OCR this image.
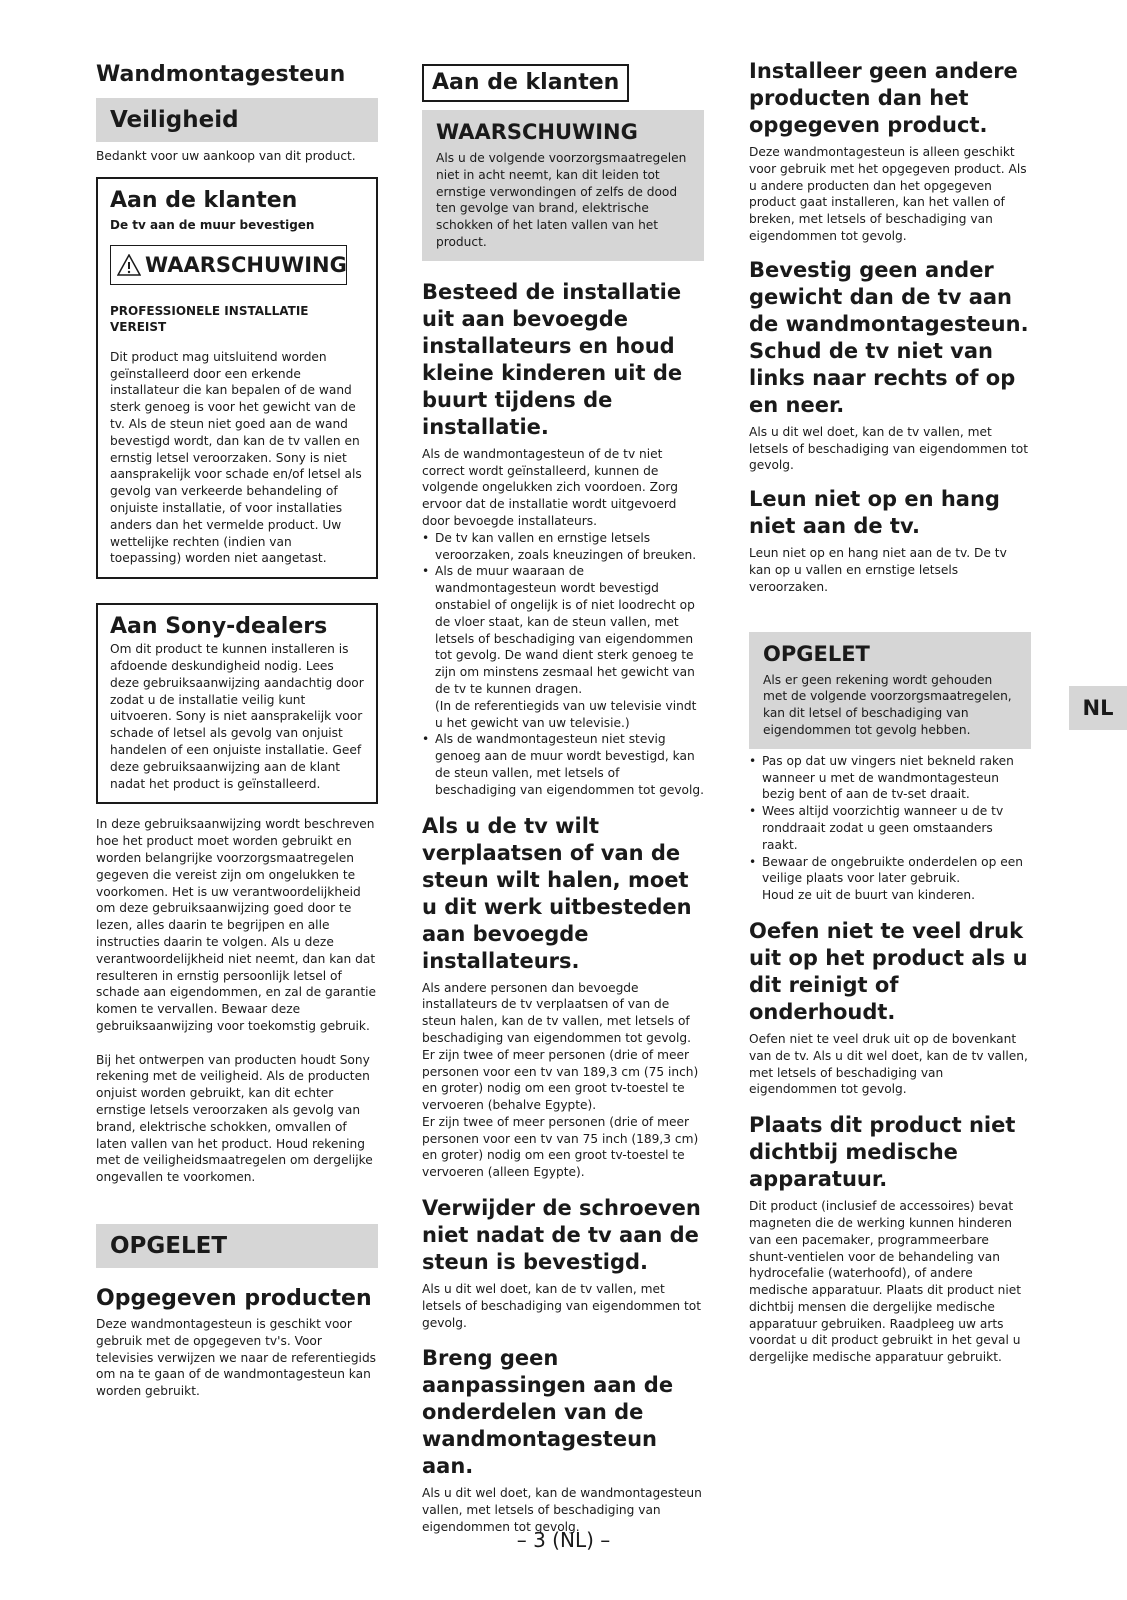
Wandmontagesteun
Veiligheid

Bedankt voor uw aankoop van dit product.

Aan de klanten
De tv aan de muur bevestigen
WAARSCHUWING
PROFESSIONELE INSTALLATIE VEREIST

Dit product mag uitsluitend worden geïnstalleerd door een erkende installateur die kan bepalen of de wand sterk genoeg is voor het gewicht van de tv. Als de steun niet goed aan de wand bevestigd wordt, dan kan de tv vallen en ernstig letsel veroorzaken. Sony is niet aansprakelijk voor schade en/of letsel als gevolg van verkeerde behandeling of onjuiste installatie, of voor installaties anders dan het vermelde product. Uw wettelijke rechten (indien van toepassing) worden niet aangetast.

Aan Sony-dealers

Om dit product te kunnen installeren is afdoende deskundigheid nodig. Lees deze gebruiksaanwijzing aandachtig door zodat u de installatie veilig kunt uitvoeren. Sony is niet aansprakelijk voor schade of letsel als gevolg van onjuist handelen of een onjuiste installatie. Geef deze gebruiksaanwijzing aan de klant nadat het product is geïnstalleerd.

In deze gebruiksaanwijzing wordt beschreven hoe het product moet worden gebruikt en worden belangrijke voorzorgsmaatregelen gegeven die vereist zijn om ongelukken te voorkomen. Het is uw verantwoordelijkheid om deze gebruiksaanwijzing goed door te lezen, alles daarin te begrijpen en alle instructies daarin te volgen. Als u deze verantwoordelijkheid niet neemt, dan kan dat resulteren in ernstig persoonlijk letsel of schade aan eigendommen, en zal de garantie komen te vervallen. Bewaar deze gebruiksaanwijzing voor toekomstig gebruik.

Bij het ontwerpen van producten houdt Sony rekening met de veiligheid. Als de producten onjuist worden gebruikt, kan dit echter ernstige letsels veroorzaken als gevolg van brand, elektrische schokken, omvallen of laten vallen van het product. Houd rekening met de veiligheidsmaatregelen om dergelijke ongevallen te voorkomen.

OPGELET
Opgegeven producten

Deze wandmontagesteun is geschikt voor gebruik met de opgegeven tv's. Voor televisies verwijzen we naar de referentiegids om na te gaan of de wandmontagesteun kan worden gebruikt.

Aan de klanten
WAARSCHUWING

Als u de volgende voorzorgsmaatregelen niet in acht neemt, kan dit leiden tot ernstige verwondingen of zelfs de dood ten gevolge van brand, elektrische schokken of het laten vallen van het product.

Besteed de installatie uit aan bevoegde installateurs en houd kleine kinderen uit de buurt tijdens de installatie.

Als de wandmontagesteun of de tv niet correct wordt geïnstalleerd, kunnen de volgende ongelukken zich voordoen. Zorg ervoor dat de installatie wordt uitgevoerd door bevoegde installateurs.

• De tv kan vallen en ernstige letsels veroorzaken, zoals kneuzingen of breuken.
• Als de muur waaraan de wandmontagesteun wordt bevestigd onstabiel of ongelijk is of niet loodrecht op de vloer staat, kan de steun vallen, met letsels of beschadiging van eigendommen tot gevolg. De wand dient sterk genoeg te zijn om minstens zesmaal het gewicht van de tv te kunnen dragen.
(In de referentiegids van uw televisie vindt u het gewicht van uw televisie.)
• Als de wandmontagesteun niet stevig genoeg aan de muur wordt bevestigd, kan de steun vallen, met letsels of beschadiging van eigendommen tot gevolg.
Als u de tv wilt verplaatsen of van de steun wilt halen, moet u dit werk uitbesteden aan bevoegde installateurs.

Als andere personen dan bevoegde installateurs de tv verplaatsen of van de steun halen, kan de tv vallen, met letsels of beschadiging van eigendommen tot gevolg.

Er zijn twee of meer personen (drie of meer personen voor een tv van 189,3 cm (75 inch) en groter) nodig om een groot tv-toestel te vervoeren (behalve Egypte).

Er zijn twee of meer personen (drie of meer personen voor een tv van 75 inch (189,3 cm) en groter) nodig om een groot tv-toestel te vervoeren (alleen Egypte).

Verwijder de schroeven niet nadat de tv aan de steun is bevestigd.

Als u dit wel doet, kan de tv vallen, met letsels of beschadiging van eigendommen tot gevolg.

Breng geen aanpassingen aan de onderdelen van de wandmontagesteun aan.

Als u dit wel doet, kan de wandmontagesteun vallen, met letsels of beschadiging van eigendommen tot gevolg.

Installeer geen andere producten dan het opgegeven product.

Deze wandmontagesteun is alleen geschikt voor gebruik met het opgegeven product. Als u andere producten dan het opgegeven product gaat installeren, kan het vallen of breken, met letsels of beschadiging van eigendommen tot gevolg.

Bevestig geen ander gewicht dan de tv aan de wandmontagesteun. Schud de tv niet van links naar rechts of op en neer.

Als u dit wel doet, kan de tv vallen, met letsels of beschadiging van eigendommen tot gevolg.

Leun niet op en hang niet aan de tv.

Leun niet op en hang niet aan de tv. De tv kan op u vallen en ernstige letsels veroorzaken.

OPGELET

Als er geen rekening wordt gehouden met de volgende voorzorgsmaatregelen, kan dit letsel of beschadiging van eigendommen tot gevolg hebben.

• Pas op dat uw vingers niet bekneld raken wanneer u met de wandmontagesteun bezig bent of aan de tv-set draait.
• Wees altijd voorzichtig wanneer u de tv ronddraait zodat u geen omstaanders raakt.
• Bewaar de ongebruikte onderdelen op een veilige plaats voor later gebruik.
Houd ze uit de buurt van kinderen.
Oefen niet te veel druk uit op het product als u dit reinigt of onderhoudt.

Oefen niet te veel druk uit op de bovenkant van de tv. Als u dit wel doet, kan de tv vallen, met letsels of beschadiging van eigendommen tot gevolg.

Plaats dit product niet dichtbij medische apparatuur.

Dit product (inclusief de accessoires) bevat magneten die de werking kunnen hinderen van een pacemaker, programmeerbare shunt-ventielen voor de behandeling van hydrocefalie (waterhoofd), of andere medische apparatuur. Plaats dit product niet dichtbij mensen die dergelijke medische apparatuur gebruiken. Raadpleeg uw arts voordat u dit product gebruikt in het geval u dergelijke medische apparatuur gebruikt.

NL
– 3 (NL) –
